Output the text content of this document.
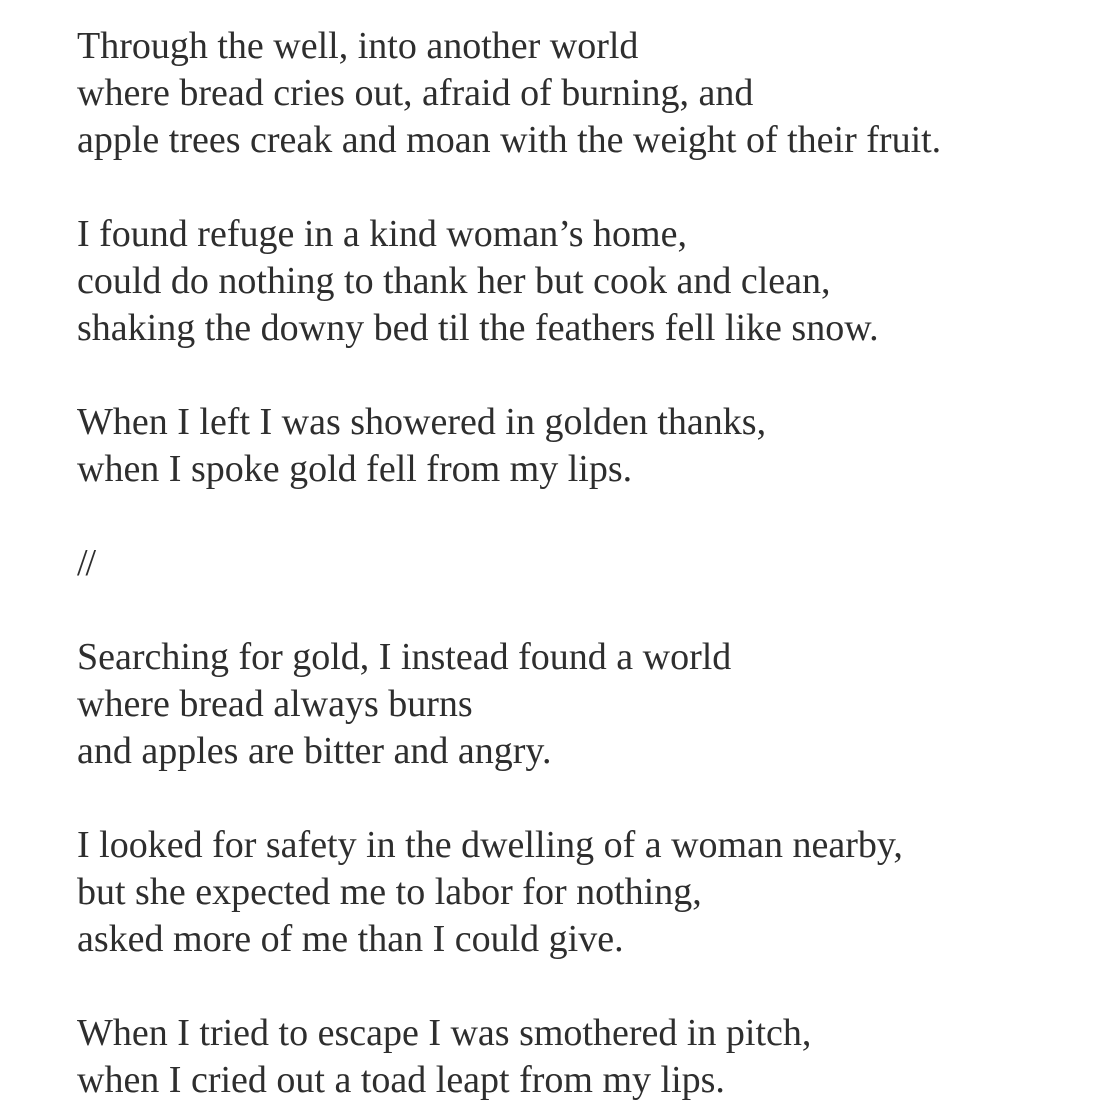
Through the well, into another world
where bread cries out, afraid of burning, and
apple trees creak and moan with the weight of their fruit.
I found refuge in a kind woman’s home,
could do nothing to thank her but cook and clean,
shaking the downy bed til the feathers fell like snow.
When I left I was showered in golden thanks,
when I spoke gold fell from my lips.
//
Searching for gold, I instead found a world
where bread always burns
and apples are bitter and angry.
I looked for safety in the dwelling of a woman nearby,
but she expected me to labor for nothing,
asked more of me than I could give.
When I tried to escape I was smothered in pitch,
when I cried out a toad leapt from my lips.
